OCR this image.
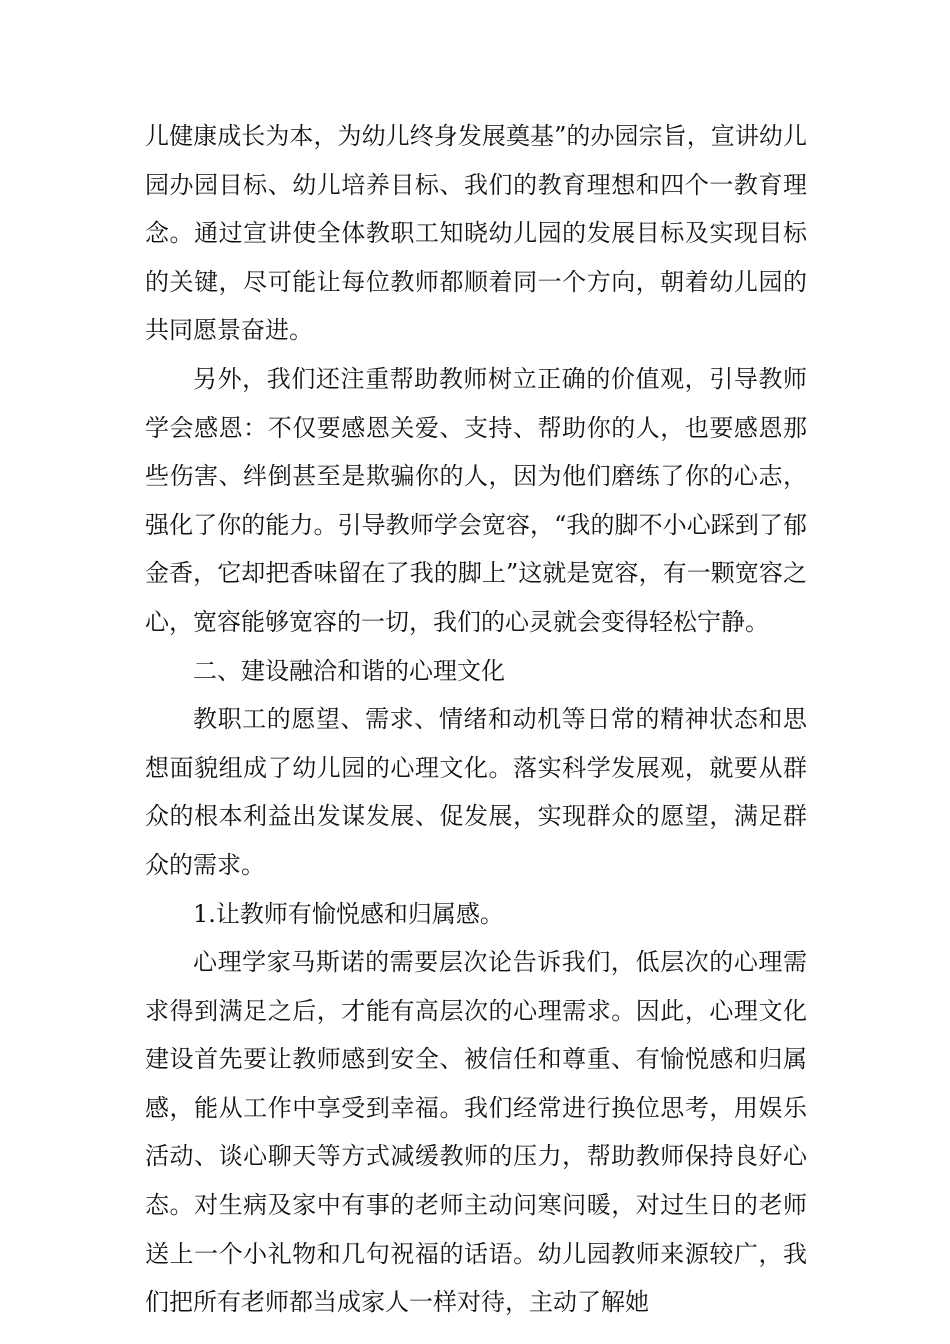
儿健康成长为本，为幼儿终身发展奠基”的办园宗旨，宣讲幼儿园办园目标、幼儿培养目标、我们的教育理想和四个一教育理念。通过宣讲使全体教职工知晓幼儿园的发展目标及实现目标的关键，尽可能让每位教师都顺着同一个方向，朝着幼儿园的共同愿景奋进。

另外，我们还注重帮助教师树立正确的价值观，引导教师学会感恩：不仅要感恩关爱、支持、帮助你的人，也要感恩那些伤害、绊倒甚至是欺骗你的人，因为他们磨练了你的心志，强化了你的能力。引导教师学会宽容，“我的脚不小心踩到了郁金香，它却把香味留在了我的脚上”这就是宽容，有一颗宽容之心，宽容能够宽容的一切，我们的心灵就会变得轻松宁静。

二、建设融洽和谐的心理文化

教职工的愿望、需求、情绪和动机等日常的精神状态和思想面貌组成了幼儿园的心理文化。落实科学发展观，就要从群众的根本利益出发谋发展、促发展，实现群众的愿望，满足群众的需求。

1.让教师有愉悦感和归属感。

心理学家马斯诺的需要层次论告诉我们，低层次的心理需求得到满足之后，才能有高层次的心理需求。因此，心理文化建设首先要让教师感到安全、被信任和尊重、有愉悦感和归属感，能从工作中享受到幸福。我们经常进行换位思考，用娱乐活动、谈心聊天等方式减缓教师的压力，帮助教师保持良好心态。对生病及家中有事的老师主动问寒问暖，对过生日的老师送上一个小礼物和几句祝福的话语。幼儿园教师来源较广，我们把所有老师都当成家人一样对待，主动了解她
